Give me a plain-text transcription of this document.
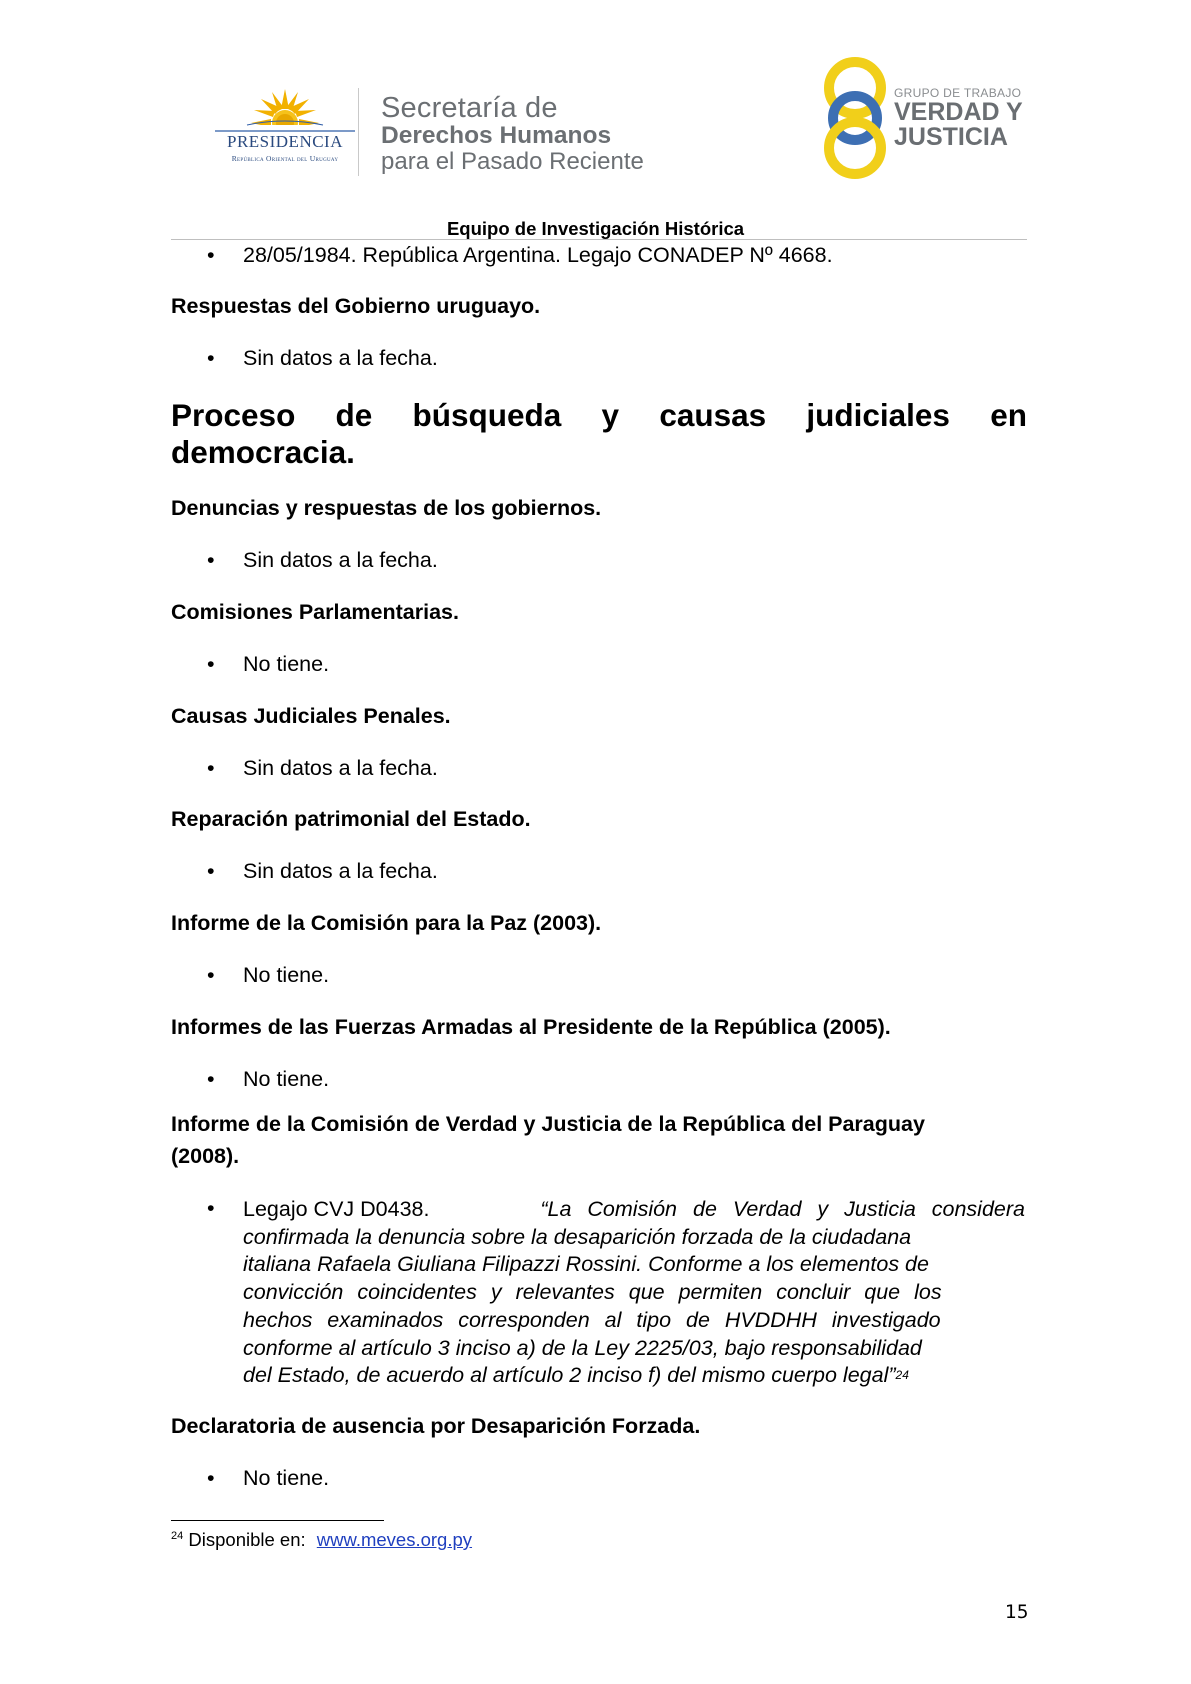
PRESIDENCIA
República Oriental del Uruguay
Secretaría de
Derechos Humanos
para el Pasado Reciente
GRUPO DE TRABAJO
VERDAD Y
JUSTICIA
Equipo de Investigación Histórica
• 28/05/1984. República Argentina. Legajo CONADEP Nº 4668.
Respuestas del Gobierno uruguayo.
• Sin datos a la fecha.
Proceso de búsqueda y causas judiciales en
democracia.
Denuncias y respuestas de los gobiernos.
• Sin datos a la fecha.
Comisiones Parlamentarias.
• No tiene.
Causas Judiciales Penales.
• Sin datos a la fecha.
Reparación patrimonial del Estado.
• Sin datos a la fecha.
Informe de la Comisión para la Paz (2003).
• No tiene.
Informes de las Fuerzas Armadas al Presidente de la República (2005).
• No tiene.
Informe de la Comisión de Verdad y Justicia de la República del Paraguay
(2008).
• Legajo CVJ D0438.	“La Comisión de Verdad y Justicia considera
confirmada la denuncia sobre la desaparición forzada de la ciudadana
italiana Rafaela Giuliana Filipazzi Rossini. Conforme a los elementos de
convicción coincidentes y relevantes que permiten concluir que los
hechos examinados corresponden al tipo de HVDDHH investigado
conforme al artículo 3 inciso a) de la Ley 2225/03, bajo responsabilidad
del Estado, de acuerdo al artículo 2 inciso f) del mismo cuerpo legal” 24
Declaratoria de ausencia por Desaparición Forzada.
• No tiene.
$^{24}$ Disponible en: www.meves.org.py
15
